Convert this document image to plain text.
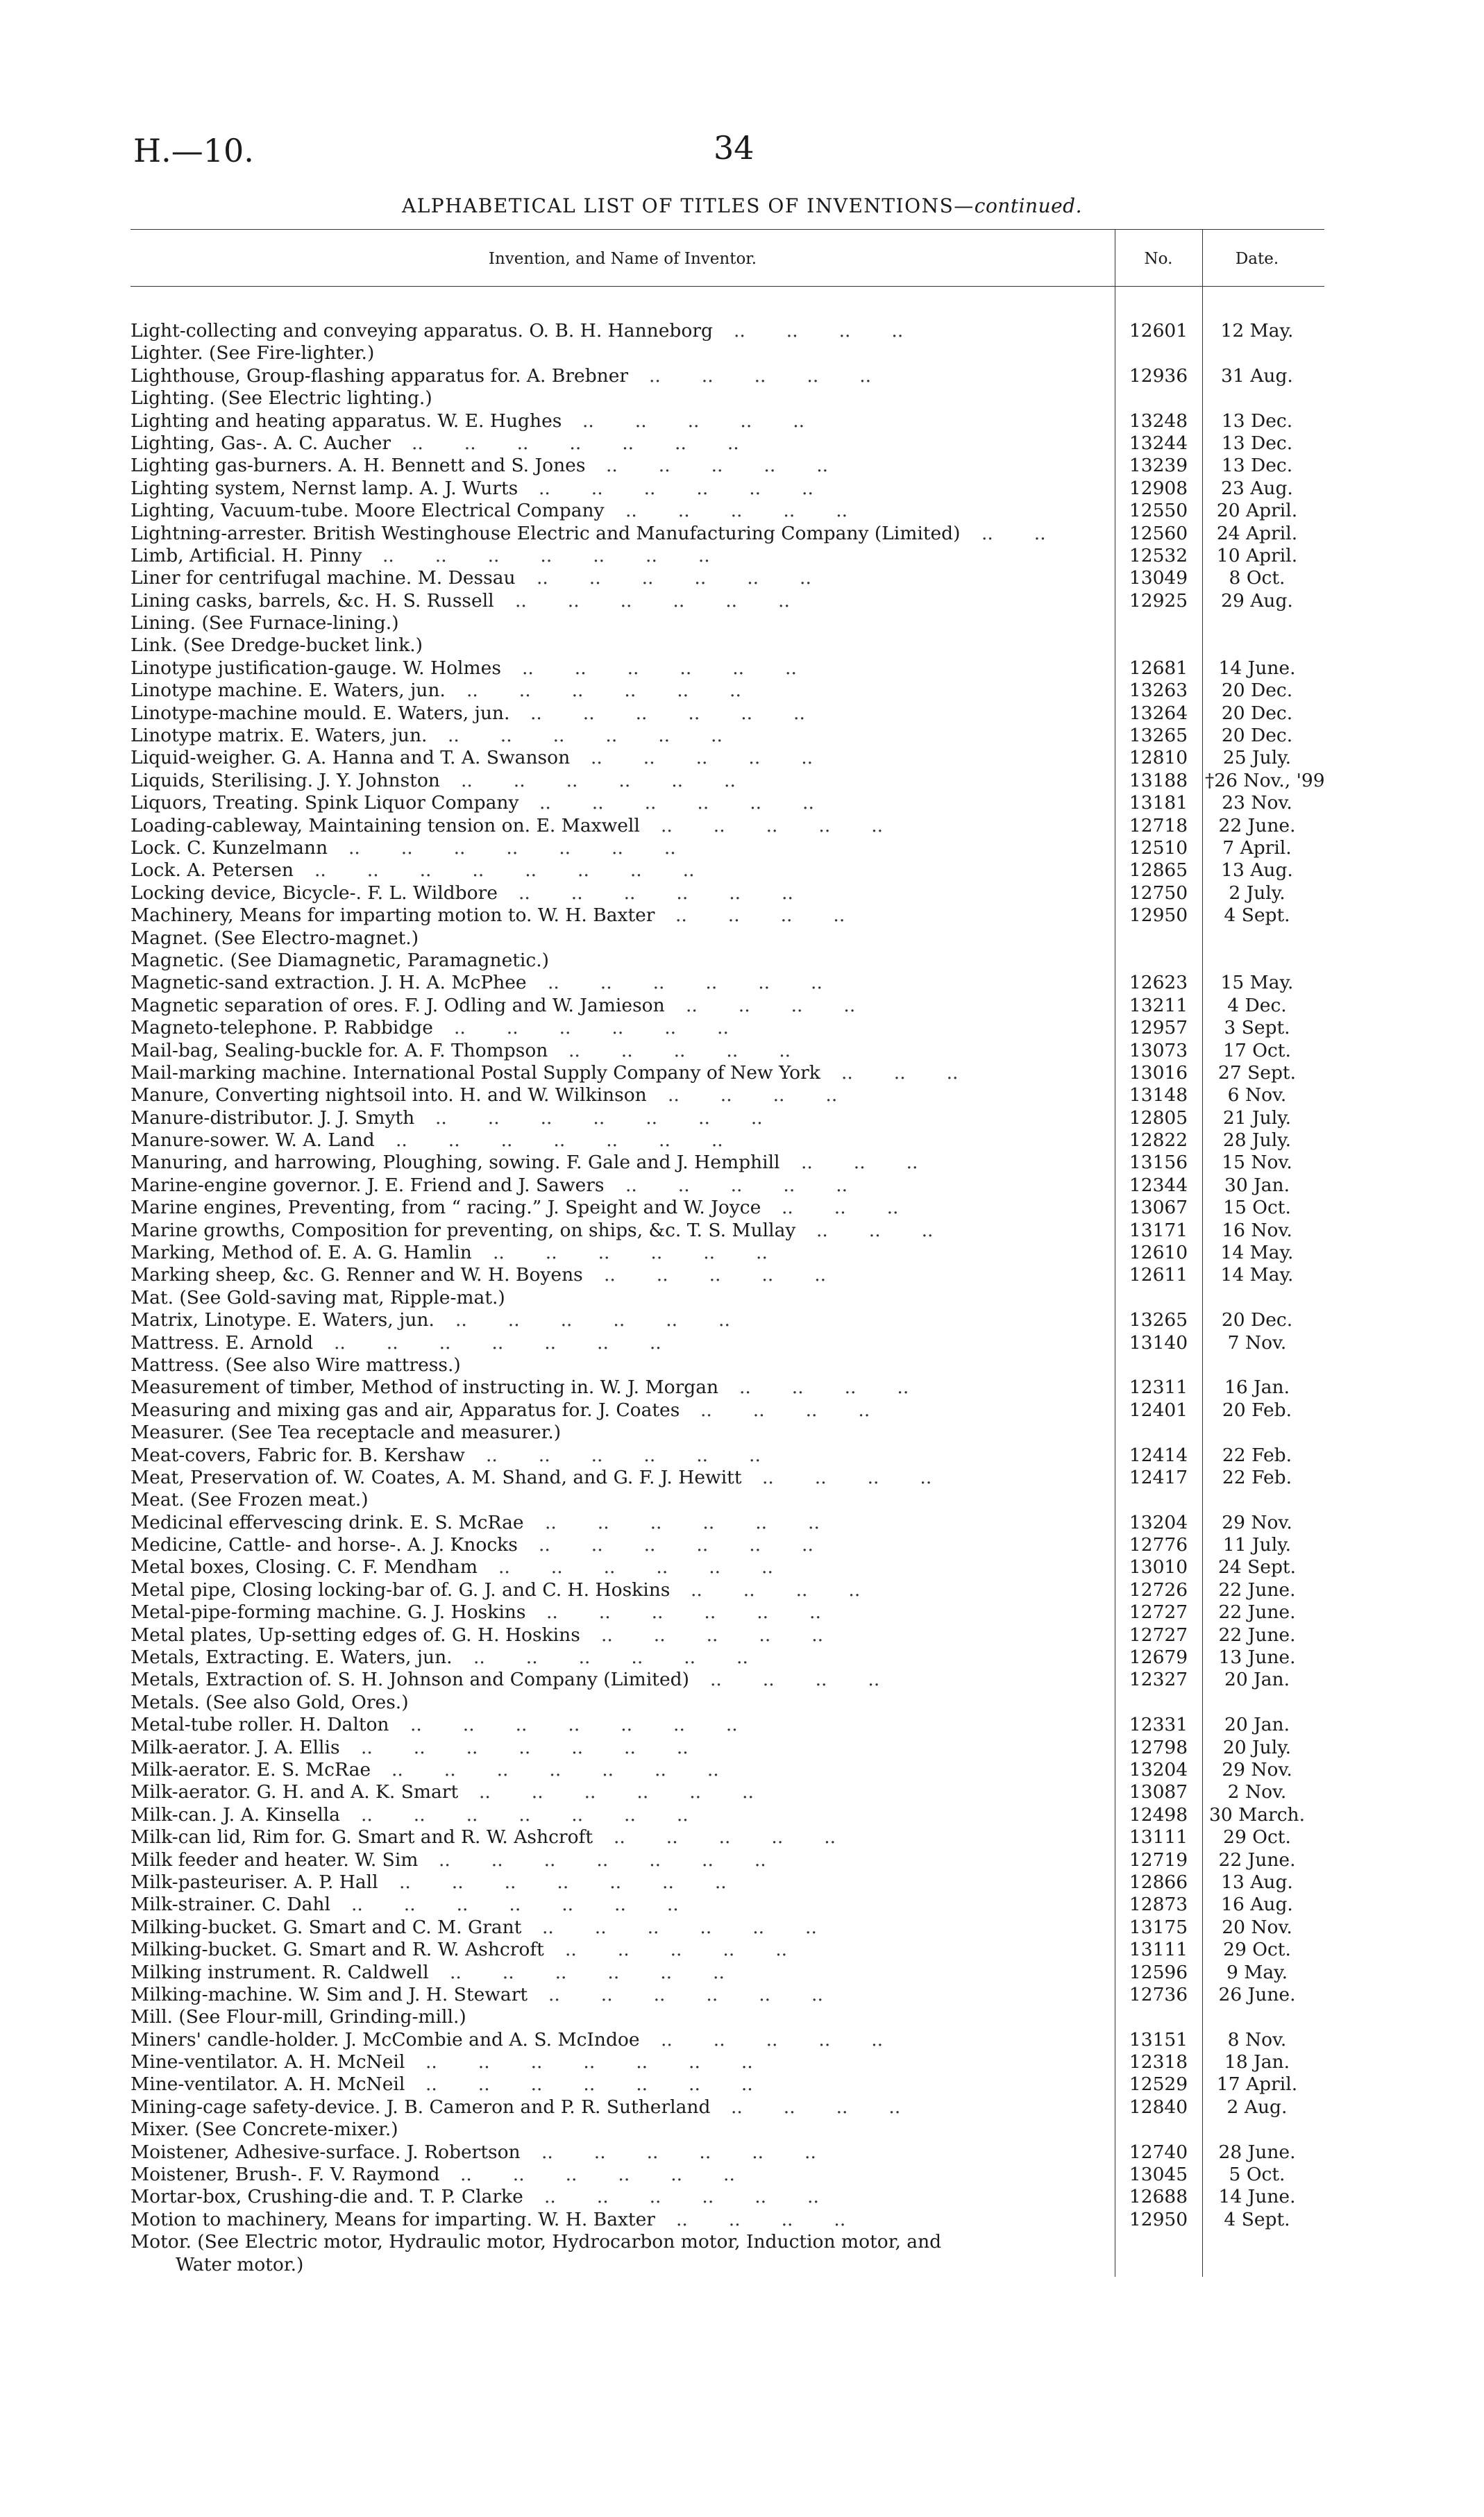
H.—10.	34
ALPHABETICAL LIST OF TITLES OF INVENTIONS—continued.
Invention, and Name of Inventor.	No.	Date.
Light-collecting and conveying apparatus. O. B. H. Hanneborg	12601	12 May.
..       ..       ..       ..
Lighter. (See Fire-lighter.)
Lighthouse, Group-flashing apparatus for. A. Brebner	12936	31 Aug.
..       ..       ..       ..       ..
Lighting. (See Electric lighting.)
Lighting and heating apparatus. W. E. Hughes	13248	13 Dec.
..       ..       ..       ..       ..
Lighting, Gas-. A. C. Aucher	13244	13 Dec.
..       ..       ..       ..       ..       ..       ..
Lighting gas-burners. A. H. Bennett and S. Jones	13239	13 Dec.
..       ..       ..       ..       ..
Lighting system, Nernst lamp. A. J. Wurts	12908	23 Aug.
..       ..       ..       ..       ..       ..
Lighting, Vacuum-tube. Moore Electrical Company	12550	20 April.
..       ..       ..       ..       ..
Lightning-arrester. British Westinghouse Electric and Manufacturing Company (Limited)	12560	24 April.
..       ..
Limb, Artificial. H. Pinny	12532	10 April.
..       ..       ..       ..       ..       ..       ..
Liner for centrifugal machine. M. Dessau	13049	8 Oct.
..       ..       ..       ..       ..       ..
Lining casks, barrels, &c. H. S. Russell	12925	29 Aug.
..       ..       ..       ..       ..       ..
Lining. (See Furnace-lining.)
Link. (See Dredge-bucket link.)
Linotype justification-gauge. W. Holmes	12681	14 June.
..       ..       ..       ..       ..       ..
Linotype machine. E. Waters, jun.	13263	20 Dec.
..       ..       ..       ..       ..       ..
Linotype-machine mould. E. Waters, jun.	13264	20 Dec.
..       ..       ..       ..       ..       ..
Linotype matrix. E. Waters, jun.	13265	20 Dec.
..       ..       ..       ..       ..       ..
Liquid-weigher. G. A. Hanna and T. A. Swanson	12810	25 July.
..       ..       ..       ..       ..
Liquids, Sterilising. J. Y. Johnston	13188 †26 Nov., '99
..       ..       ..       ..       ..       ..
Liquors, Treating. Spink Liquor Company	13181	23 Nov.
..       ..       ..       ..       ..       ..
Loading-cableway, Maintaining tension on. E. Maxwell	12718	22 June.
..       ..       ..       ..       ..
Lock. C. Kunzelmann	12510	7 April.
..       ..       ..       ..       ..       ..       ..
Lock. A. Petersen	12865	13 Aug.
..       ..       ..       ..       ..       ..       ..       ..
Locking device, Bicycle-. F. L. Wildbore	12750	2 July.
..       ..       ..       ..       ..       ..
Machinery, Means for imparting motion to. W. H. Baxter	12950	4 Sept.
..       ..       ..       ..
Magnet. (See Electro-magnet.)
Magnetic. (See Diamagnetic, Paramagnetic.)
Magnetic-sand extraction. J. H. A. McPhee	12623	15 May.
..       ..       ..       ..       ..       ..
Magnetic separation of ores. F. J. Odling and W. Jamieson	13211	4 Dec.
..       ..       ..       ..
Magneto-telephone. P. Rabbidge	12957	3 Sept.
..       ..       ..       ..       ..       ..
Mail-bag, Sealing-buckle for. A. F. Thompson	13073	17 Oct.
..       ..       ..       ..       ..
Mail-marking machine. International Postal Supply Company of New York	13016	27 Sept.
..       ..       ..
Manure, Converting nightsoil into. H. and W. Wilkinson	13148	6 Nov.
..       ..       ..       ..
Manure-distributor. J. J. Smyth	12805	21 July.
..       ..       ..       ..       ..       ..       ..
Manure-sower. W. A. Land	12822	28 July.
..       ..       ..       ..       ..       ..       ..
Manuring, and harrowing, Ploughing, sowing. F. Gale and J. Hemphill	13156	15 Nov.
..       ..       ..
Marine-engine governor. J. E. Friend and J. Sawers	12344	30 Jan.
..       ..       ..       ..       ..
Marine engines, Preventing, from “ racing.” J. Speight and W. Joyce	13067	15 Oct.
..       ..       ..
Marine growths, Composition for preventing, on ships, &c. T. S. Mullay	13171	16 Nov.
..       ..       ..
Marking, Method of. E. A. G. Hamlin	12610	14 May.
..       ..       ..       ..       ..       ..
Marking sheep, &c. G. Renner and W. H. Boyens	12611	14 May.
..       ..       ..       ..       ..
Mat. (See Gold-saving mat, Ripple-mat.)
Matrix, Linotype. E. Waters, jun.	13265	20 Dec.
..       ..       ..       ..       ..       ..
Mattress. E. Arnold	13140	7 Nov.
..       ..       ..       ..       ..       ..       ..
Mattress. (See also Wire mattress.)
Measurement of timber, Method of instructing in. W. J. Morgan	12311	16 Jan.
..       ..       ..       ..
Measuring and mixing gas and air, Apparatus for. J. Coates	12401	20 Feb.
..       ..       ..       ..
Measurer. (See Tea receptacle and measurer.)
Meat-covers, Fabric for. B. Kershaw	12414	22 Feb.
..       ..       ..       ..       ..       ..
Meat, Preservation of. W. Coates, A. M. Shand, and G. F. J. Hewitt	12417	22 Feb.
..       ..       ..       ..
Meat. (See Frozen meat.)
Medicinal effervescing drink. E. S. McRae	13204	29 Nov.
..       ..       ..       ..       ..       ..
Medicine, Cattle- and horse-. A. J. Knocks	12776	11 July.
..       ..       ..       ..       ..       ..
Metal boxes, Closing. C. F. Mendham	13010	24 Sept.
..       ..       ..       ..       ..       ..
Metal pipe, Closing locking-bar of. G. J. and C. H. Hoskins	12726	22 June.
..       ..       ..       ..
Metal-pipe-forming machine. G. J. Hoskins	12727	22 June.
..       ..       ..       ..       ..       ..
Metal plates, Up-setting edges of. G. H. Hoskins	12727	22 June.
..       ..       ..       ..       ..
Metals, Extracting. E. Waters, jun.	12679	13 June.
..       ..       ..       ..       ..       ..
Metals, Extraction of. S. H. Johnson and Company (Limited)	12327	20 Jan.
..       ..       ..       ..
Metals. (See also Gold, Ores.)
Metal-tube roller. H. Dalton	12331	20 Jan.
..       ..       ..       ..       ..       ..       ..
Milk-aerator. J. A. Ellis	12798	20 July.
..       ..       ..       ..       ..       ..       ..
Milk-aerator. E. S. McRae	13204	29 Nov.
..       ..       ..       ..       ..       ..       ..
Milk-aerator. G. H. and A. K. Smart	13087	2 Nov.
..       ..       ..       ..       ..       ..
Milk-can. J. A. Kinsella	12498	30 March.
..       ..       ..       ..       ..       ..       ..
Milk-can lid, Rim for. G. Smart and R. W. Ashcroft	13111	29 Oct.
..       ..       ..       ..       ..
Milk feeder and heater. W. Sim	12719	22 June.
..       ..       ..       ..       ..       ..       ..
Milk-pasteuriser. A. P. Hall	12866	13 Aug.
..       ..       ..       ..       ..       ..       ..
Milk-strainer. C. Dahl	12873	16 Aug.
..       ..       ..       ..       ..       ..       ..
Milking-bucket. G. Smart and C. M. Grant	13175	20 Nov.
..       ..       ..       ..       ..       ..
Milking-bucket. G. Smart and R. W. Ashcroft	13111	29 Oct.
..       ..       ..       ..       ..
Milking instrument. R. Caldwell	12596	9 May.
..       ..       ..       ..       ..       ..
Milking-machine. W. Sim and J. H. Stewart	12736	26 June.
..       ..       ..       ..       ..       ..
Mill. (See Flour-mill, Grinding-mill.)
Miners' candle-holder. J. McCombie and A. S. McIndoe	13151	8 Nov.
..       ..       ..       ..       ..
Mine-ventilator. A. H. McNeil	12318	18 Jan.
..       ..       ..       ..       ..       ..       ..
Mine-ventilator. A. H. McNeil	12529	17 April.
..       ..       ..       ..       ..       ..       ..
Mining-cage safety-device. J. B. Cameron and P. R. Sutherland	12840	2 Aug.
..       ..       ..       ..
Mixer. (See Concrete-mixer.)
Moistener, Adhesive-surface. J. Robertson	12740	28 June.
..       ..       ..       ..       ..       ..
Moistener, Brush-. F. V. Raymond	13045	5 Oct.
..       ..       ..       ..       ..       ..
Mortar-box, Crushing-die and. T. P. Clarke	12688	14 June.
..       ..       ..       ..       ..       ..
Motion to machinery, Means for imparting. W. H. Baxter	12950	4 Sept.
..       ..       ..       ..
Motor. (See Electric motor, Hydraulic motor, Hydrocarbon motor, Induction motor, and
Water motor.)
